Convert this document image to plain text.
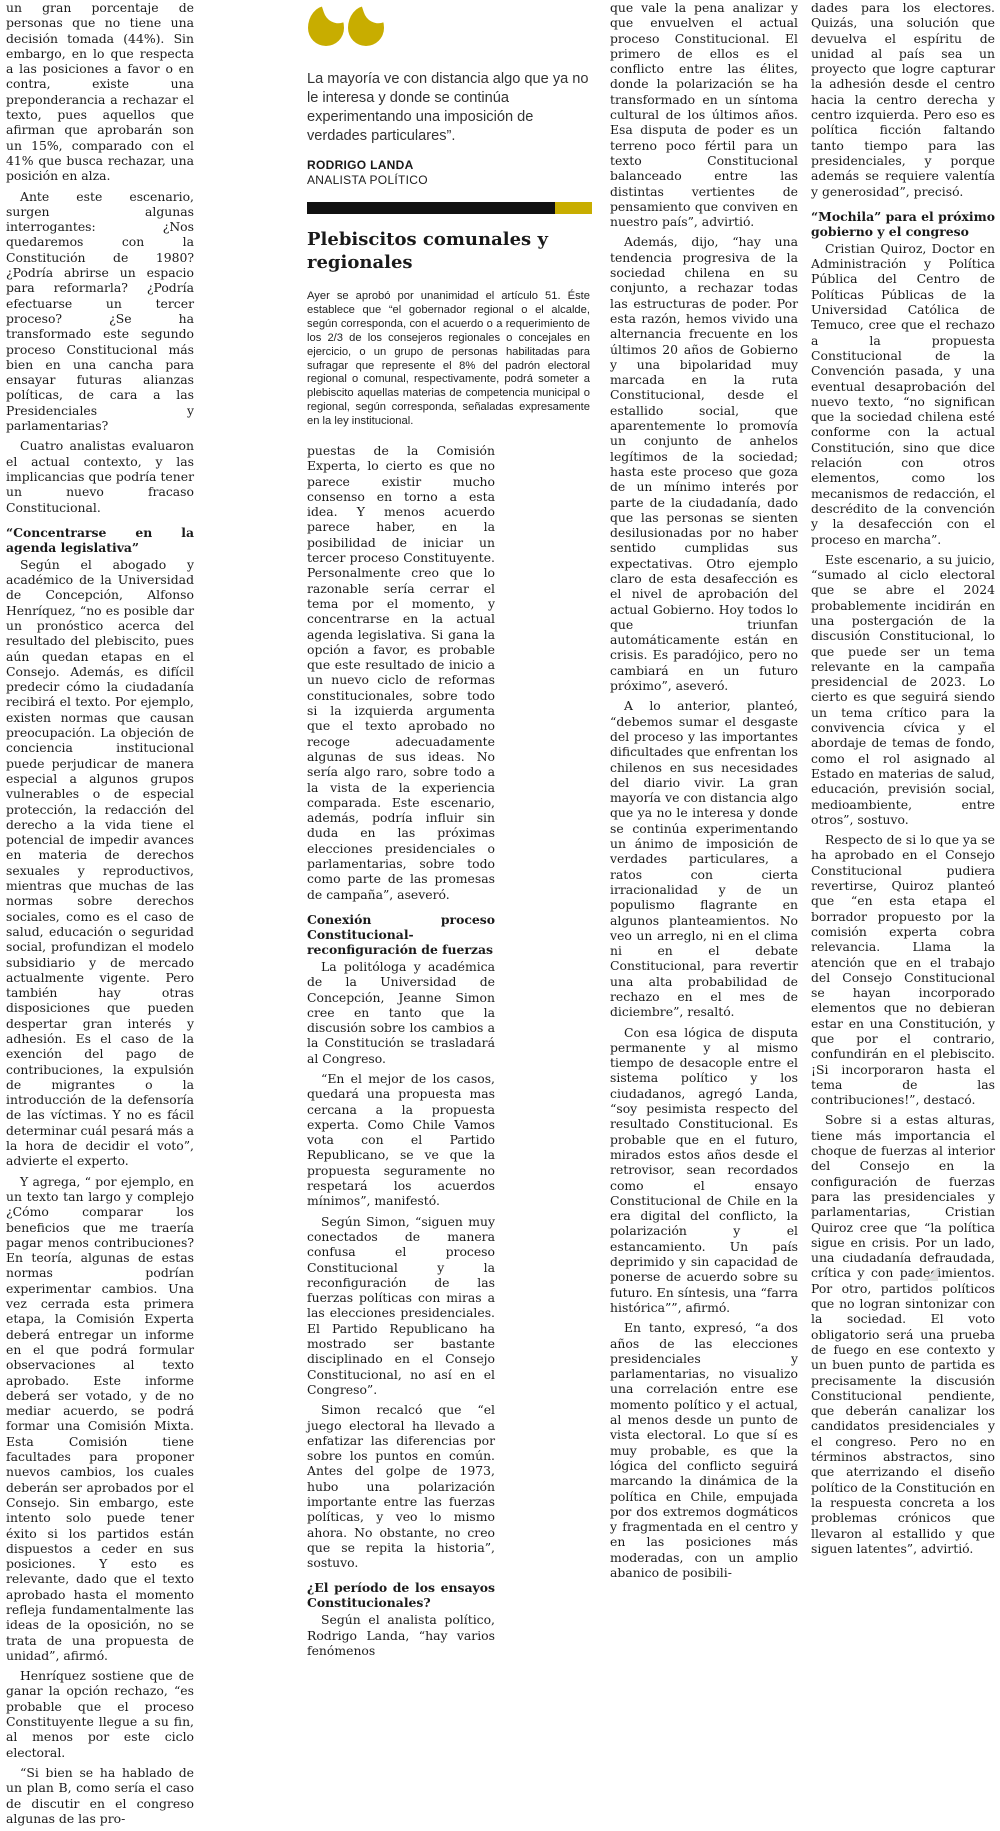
un gran porcentaje de personas que no tiene una decisión tomada (44%). Sin embargo, en lo que respecta a las posiciones a favor o en contra, existe una preponderancia a rechazar el texto, pues aquellos que afirman que aprobarán son un 15%, comparado con el 41% que busca rechazar, una posición en alza.

Ante este escenario, surgen algunas interrogantes: ¿Nos quedaremos con la Constitución de 1980? ¿Podría abrirse un espacio para reformarla? ¿Podría efectuarse un tercer proceso? ¿Se ha transformado este segundo proceso Constitucional más bien en una cancha para ensayar futuras alianzas políticas, de cara a las Presidenciales y parlamentarias?

Cuatro analistas evaluaron el actual contexto, y las implicancias que podría tener un nuevo fracaso Constitucional.

“Concentrarse en la agenda legislativa”

Según el abogado y académico de la Universidad de Concepción, Alfonso Henríquez, “no es posible dar un pronóstico acerca del resultado del plebiscito, pues aún quedan etapas en el Consejo. Además, es difícil predecir cómo la ciudadanía recibirá el texto. Por ejemplo, existen normas que causan preocupación. La objeción de conciencia institucional puede perjudicar de manera especial a algunos grupos vulnerables o de especial protección, la redacción del derecho a la vida tiene el potencial de impedir avances en materia de derechos sexuales y reproductivos, mientras que muchas de las normas sobre derechos sociales, como es el caso de salud, educación o seguridad social, profundizan el modelo subsidiario y de mercado actualmente vigente. Pero también hay otras disposiciones que pueden despertar gran interés y adhesión. Es el caso de la exención del pago de contribuciones, la expulsión de migrantes o la introducción de la defensoría de las víctimas. Y no es fácil determinar cuál pesará más a la hora de decidir el voto”, advierte el experto.

Y agrega, “ por ejemplo, en un texto tan largo y complejo ¿Cómo comparar los beneficios que me traería pagar menos contribuciones? En teoría, algunas de estas normas podrían experimentar cambios. Una vez cerrada esta primera etapa, la Comisión Experta deberá entregar un informe en el que podrá formular observaciones al texto aprobado. Este informe deberá ser votado, y de no mediar acuerdo, se podrá formar una Comisión Mixta. Esta Comisión tiene facultades para proponer nuevos cambios, los cuales deberán ser aprobados por el Consejo. Sin embargo, este intento solo puede tener éxito si los partidos están dispuestos a ceder en sus posiciones. Y esto es relevante, dado que el texto aprobado hasta el momento refleja fundamentalmente las ideas de la oposición, no se trata de una propuesta de unidad”, afirmó.

Henríquez sostiene que de ganar la opción rechazo, “es probable que el proceso Constituyente llegue a su fin, al menos por este ciclo electoral.

“Si bien se ha hablado de un plan B, como sería el caso de discutir en el congreso algunas de las pro-

La mayoría ve con distancia algo que ya no le interesa y donde se continúa experimentando una imposición de verdades particulares”.

RODRIGO LANDA
ANALISTA POLÍTICO
Plebiscitos comunales y regionales

Ayer se aprobó por unanimidad el artículo 51. Éste establece que “el gobernador regional o el alcalde, según corresponda, con el acuerdo o a requerimiento de los 2/3 de los consejeros regionales o concejales en ejercicio, o un grupo de personas habilitadas para sufragar que represente el 8% del padrón electoral regional o comunal, respectivamente, podrá someter a plebiscito aquellas materias de competencia municipal o regional, según corresponda, señaladas expresamente en la ley institucional.

puestas de la Comisión Experta, lo cierto es que no parece existir mucho consenso en torno a esta idea. Y menos acuerdo parece haber, en la posibilidad de iniciar un tercer proceso Constituyente. Personalmente creo que lo razonable sería cerrar el tema por el momento, y concentrarse en la actual agenda legislativa. Si gana la opción a favor, es probable que este resultado de inicio a un nuevo ciclo de reformas constitucionales, sobre todo si la izquierda argumenta que el texto aprobado no recoge adecuadamente algunas de sus ideas. No sería algo raro, sobre todo a la vista de la experiencia comparada. Este escenario, además, podría influir sin duda en las próximas elecciones presidenciales o parlamentarias, sobre todo como parte de las promesas de campaña”, aseveró.

Conexión proceso Constitucional-reconfiguración de fuerzas

La politóloga y académica de la Universidad de Concepción, Jeanne Simon cree en tanto que la discusión sobre los cambios a la Constitución se trasladará al Congreso.

“En el mejor de los casos, quedará una propuesta mas cercana a la propuesta experta. Como Chile Vamos vota con el Partido Republicano, se ve que la propuesta seguramente no respetará los acuerdos mínimos”, manifestó.

Según Simon, “siguen muy conectados de manera confusa el proceso Constitucional y la reconfiguración de las fuerzas políticas con miras a las elecciones presidenciales. El Partido Republicano ha mostrado ser bastante disciplinado en el Consejo Constitucional, no así en el Congreso”.

Simon recalcó que “el juego electoral ha llevado a enfatizar las diferencias por sobre los puntos en común. Antes del golpe de 1973, hubo una polarización importante entre las fuerzas políticas, y veo lo mismo ahora. No obstante, no creo que se repita la historia”, sostuvo.

¿El período de los ensayos Constitucionales?

Según el analista político, Rodrigo Landa, “hay varios fenómenos

que vale la pena analizar y que envuelven el actual proceso Constitucional. El primero de ellos es el conflicto entre las élites, donde la polarización se ha transformado en un síntoma cultural de los últimos años. Esa disputa de poder es un terreno poco fértil para un texto Constitucional balanceado entre las distintas vertientes de pensamiento que conviven en nuestro país”, advirtió.

Además, dijo, “hay una tendencia progresiva de la sociedad chilena en su conjunto, a rechazar todas las estructuras de poder. Por esta razón, hemos vivido una alternancia frecuente en los últimos 20 años de Gobierno y una bipolaridad muy marcada en la ruta Constitucional, desde el estallido social, que aparentemente lo promovía un conjunto de anhelos legítimos de la sociedad; hasta este proceso que goza de un mínimo interés por parte de la ciudadanía, dado que las personas se sienten desilusionadas por no haber sentido cumplidas sus expectativas. Otro ejemplo claro de esta desafección es el nivel de aprobación del actual Gobierno. Hoy todos lo que triunfan automáticamente están en crisis. Es paradójico, pero no cambiará en un futuro próximo”, aseveró.

A lo anterior, planteó, “debemos sumar el desgaste del proceso y las importantes dificultades que enfrentan los chilenos en sus necesidades del diario vivir. La gran mayoría ve con distancia algo que ya no le interesa y donde se continúa experimentando un ánimo de imposición de verdades particulares, a ratos con cierta irracionalidad y de un populismo flagrante en algunos planteamientos. No veo un arreglo, ni en el clima ni en el debate Constitucional, para revertir una alta probabilidad de rechazo en el mes de diciembre”, resaltó.

Con esa lógica de disputa permanente y al mismo tiempo de desacople entre el sistema político y los ciudadanos, agregó Landa, “soy pesimista respecto del resultado Constitucional. Es probable que en el futuro, mirados estos años desde el retrovisor, sean recordados como el ensayo Constitucional de Chile en la era digital del conflicto, la polarización y el estancamiento. Un país deprimido y sin capacidad de ponerse de acuerdo sobre su futuro. En síntesis, una “farra histórica””, afirmó.

En tanto, expresó, “a dos años de las elecciones presidenciales y parlamentarias, no visualizo una correlación entre ese momento político y el actual, al menos desde un punto de vista electoral. Lo que sí es muy probable, es que la lógica del conflicto seguirá marcando la dinámica de la política en Chile, empujada por dos extremos dogmáticos y fragmentada en el centro y en las posiciones más moderadas, con un amplio abanico de posibili-

dades para los electores. Quizás, una solución que devuelva el espíritu de unidad al país sea un proyecto que logre capturar la adhesión desde el centro hacia la centro derecha y centro izquierda. Pero eso es política ficción faltando tanto tiempo para las presidenciales, y porque además se requiere valentía y generosidad”, precisó.

“Mochila” para el próximo gobierno y el congreso

Cristian Quiroz, Doctor en Administración y Política Pública del Centro de Políticas Públicas de la Universidad Católica de Temuco, cree que el rechazo a la propuesta Constitucional de la Convención pasada, y una eventual desaprobación del nuevo texto, “no significan que la sociedad chilena esté conforme con la actual Constitución, sino que dice relación con otros elementos, como los mecanismos de redacción, el descrédito de la convención y la desafección con el proceso en marcha”.

Este escenario, a su juicio, “sumado al ciclo electoral que se abre el 2024 probablemente incidirán en una postergación de la discusión Constitucional, lo que puede ser un tema relevante en la campaña presidencial de 2023. Lo cierto es que seguirá siendo un tema crítico para la convivencia cívica y el abordaje de temas de fondo, como el rol asignado al Estado en materias de salud, educación, previsión social, medioambiente, entre otros”, sostuvo.

Respecto de si lo que ya se ha aprobado en el Consejo Constitucional pudiera revertirse, Quiroz planteó que “en esta etapa el borrador propuesto por la comisión experta cobra relevancia. Llama la atención que en el trabajo del Consejo Constitucional se hayan incorporado elementos que no debieran estar en una Constitución, y que por el contrario, confundirán en el plebiscito. ¡Si incorporaron hasta el tema de las contribuciones!”, destacó.

Sobre si a estas alturas, tiene más importancia el choque de fuerzas al interior del Consejo en la configuración de fuerzas para las presidenciales y parlamentarias, Cristian Quiroz cree que “la política sigue en crisis. Por un lado, una ciudadanía defraudada, crítica y con padecimientos. Por otro, partidos políticos que no logran sintonizar con la sociedad. El voto obligatorio será una prueba de fuego en ese contexto y un buen punto de partida es precisamente la discusión Constitucional pendiente, que deberán canalizar los candidatos presidenciales y el congreso. Pero no en términos abstractos, sino que aterrizando el diseño político de la Constitución en la respuesta concreta a los problemas crónicos que llevaron al estallido y que siguen latentes”, advirtió.
